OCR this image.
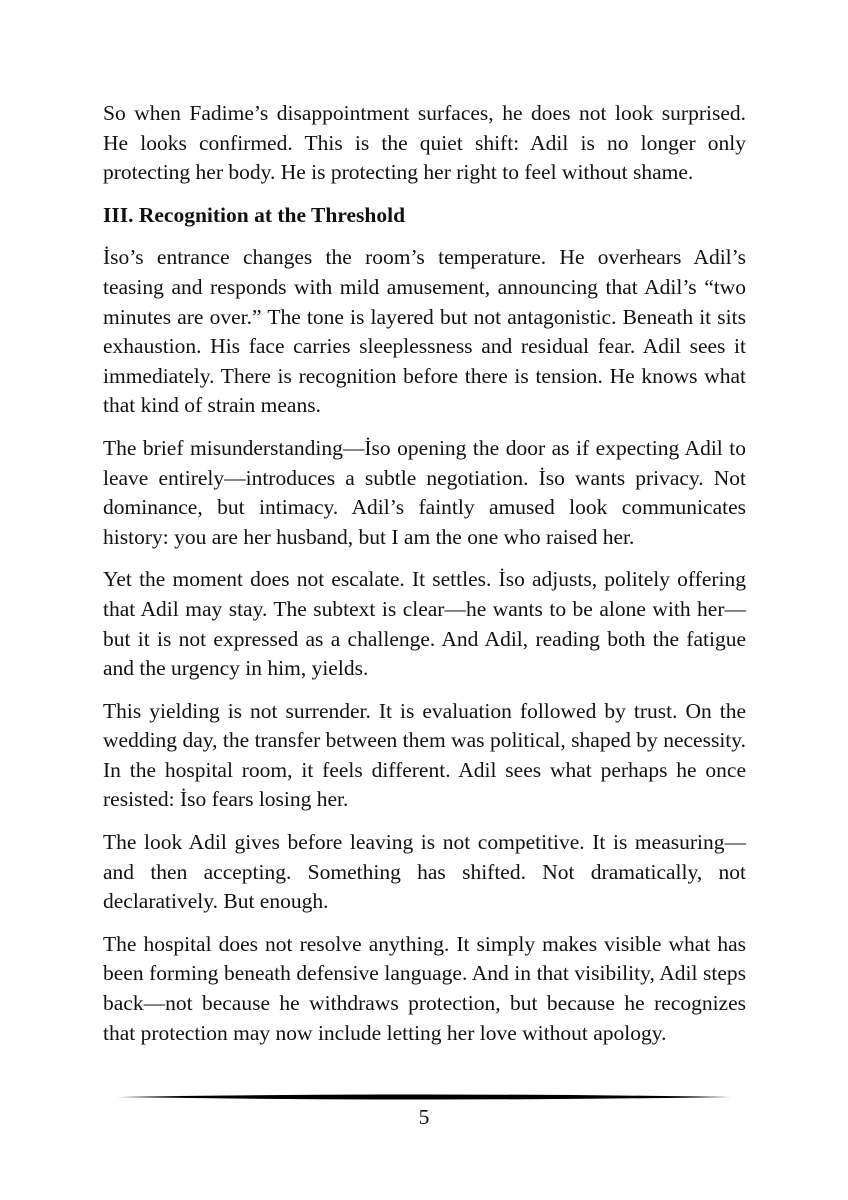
So when Fadime’s disappointment surfaces, he does not look surprised. He looks confirmed. This is the quiet shift: Adil is no longer only protecting her body. He is protecting her right to feel without shame.

III. Recognition at the Threshold

İso’s entrance changes the room’s temperature. He overhears Adil’s teasing and responds with mild amusement, announcing that Adil’s “two minutes are over.” The tone is layered but not antagonistic. Beneath it sits exhaustion. His face carries sleeplessness and residual fear. Adil sees it immediately. There is recognition before there is tension. He knows what that kind of strain means.

The brief misunderstanding—İso opening the door as if expecting Adil to leave entirely—introduces a subtle negotiation. İso wants privacy. Not dominance, but intimacy. Adil’s faintly amused look communicates history: you are her husband, but I am the one who raised her.

Yet the moment does not escalate. It settles. İso adjusts, politely offering that Adil may stay. The subtext is clear—he wants to be alone with her—but it is not expressed as a challenge. And Adil, reading both the fatigue and the urgency in him, yields.

This yielding is not surrender. It is evaluation followed by trust. On the wedding day, the transfer between them was political, shaped by necessity. In the hospital room, it feels different. Adil sees what perhaps he once resisted: İso fears losing her.

The look Adil gives before leaving is not competitive. It is measuring—and then accepting. Something has shifted. Not dramatically, not declaratively. But enough.

The hospital does not resolve anything. It simply makes visible what has been forming beneath defensive language. And in that visibility, Adil steps back—not because he withdraws protection, but because he recognizes that protection may now include letting her love without apology.

5
